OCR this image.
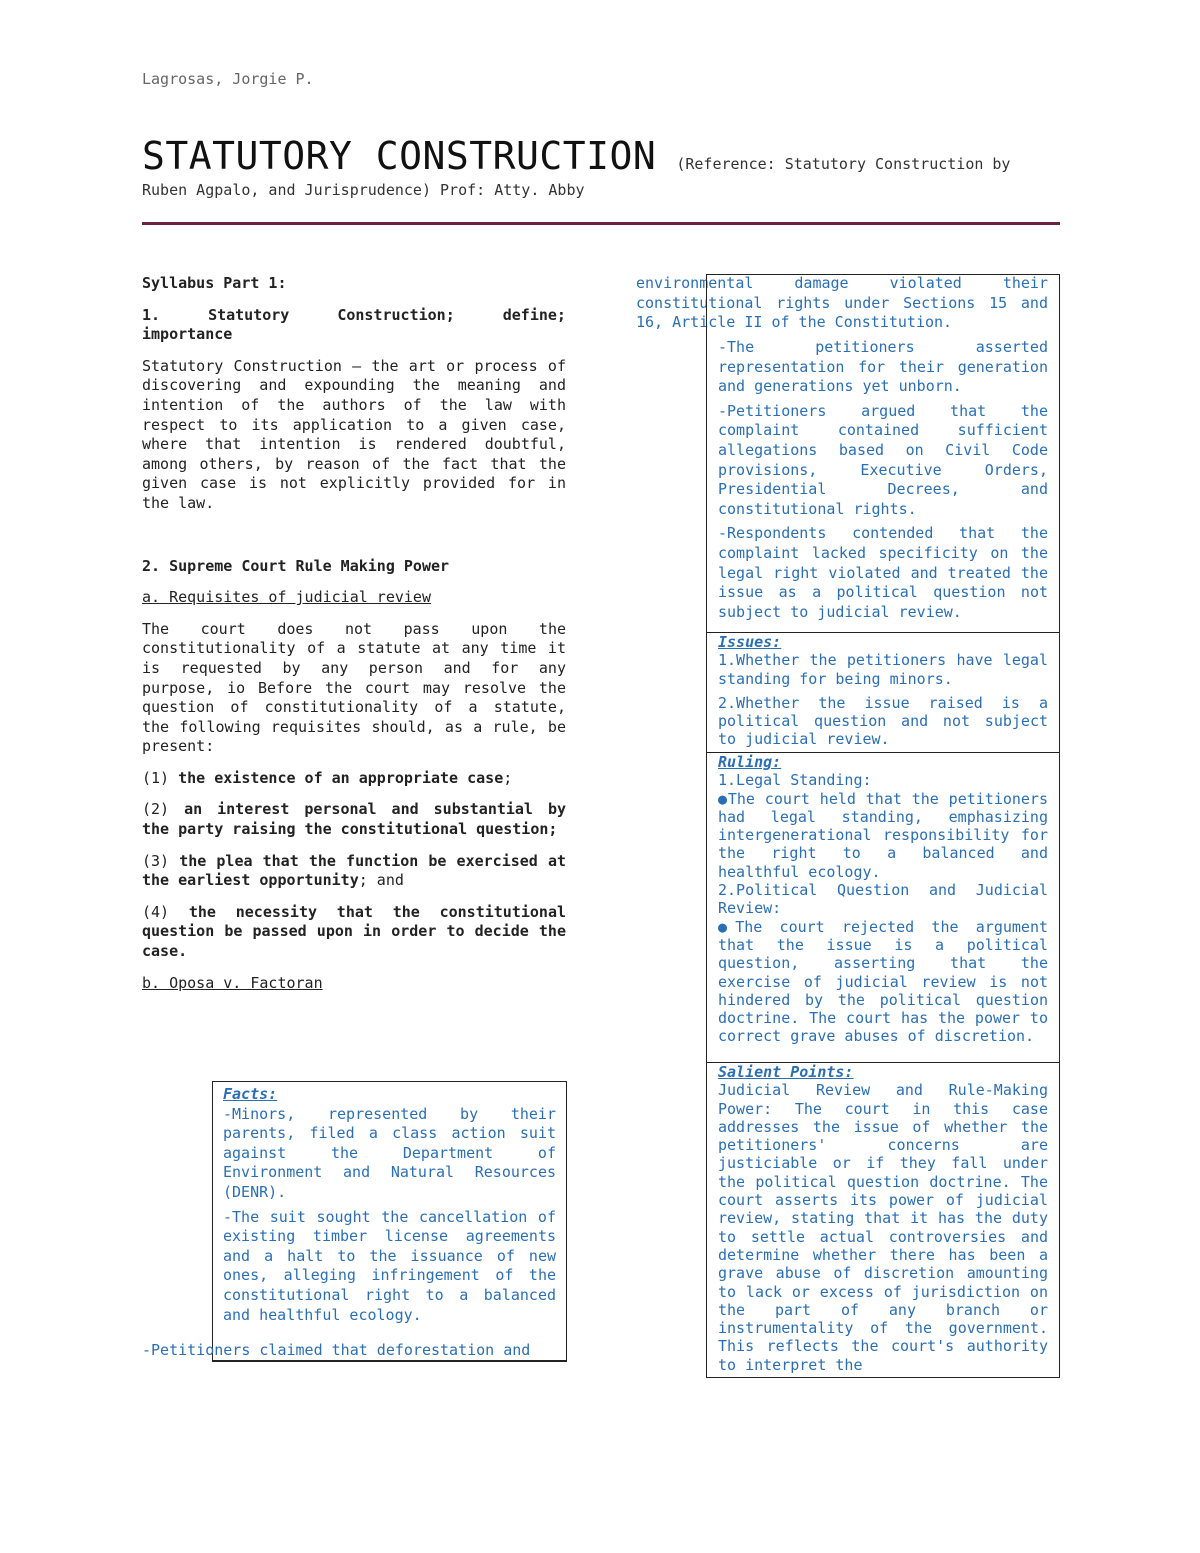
Lagrosas, Jorgie P.
STATUTORY CONSTRUCTION (Reference: Statutory Construction by
Ruben Agpalo, and Jurisprudence) Prof: Atty. Abby

Syllabus Part 1:

1.	Statutory	Construction;	define;
importance

Statutory Construction – the art or process of discovering and expounding the meaning and intention of the authors of the law with respect to its application to a given case, where that intention is rendered doubtful, among others, by reason of the fact that the given case is not explicitly provided for in the law.

2. Supreme Court Rule Making Power

a. Requisites of judicial review

The court does not pass upon the constitutionality of a statute at any time it is requested by any person and for any purpose, io Before the court may resolve the question of constitutionality of a statute, the following requisites should, as a rule, be present:

(1) the existence of an appropriate case;

(2) an interest personal and substantial by the party raising the constitutional question;

(3) the plea that the function be exercised at the earliest opportunity; and

(4) the necessity that the constitutional question be passed upon in order to decide the case.

b. Oposa v. Factoran

Facts:

-Minors, represented by their parents, filed a class action suit against the Department of Environment and Natural Resources (DENR).

-The suit sought the cancellation of existing timber license agreements and a halt to the issuance of new ones, alleging infringement of the constitutional right to a balanced and healthful ecology.

-Petitioners claimed that deforestation and
environmental damage violated their constitutional rights under Sections 15 and 16, Article II of the Constitution.

-The petitioners asserted representation for their generation and generations yet unborn.

-Petitioners argued that the complaint contained sufficient allegations based on Civil Code provisions, Executive Orders, Presidential Decrees, and constitutional rights.

-Respondents contended that the complaint lacked specificity on the legal right violated and treated the issue as a political question not subject to judicial review.

Issues:

1.Whether the petitioners have legal standing for being minors.

2.Whether the issue raised is a political question and not subject to judicial review.

Ruling:

1.Legal Standing:

●The court held that the petitioners had legal standing, emphasizing intergenerational responsibility for the right to a balanced and healthful ecology.

2.Political Question and Judicial Review:

●The court rejected the argument that the issue is a political question, asserting that the exercise of judicial review is not hindered by the political question doctrine. The court has the power to correct grave abuses of discretion.

Salient Points:

Judicial Review and Rule-Making Power: The court in this case addresses the issue of whether the petitioners' concerns are justiciable or if they fall under the political question doctrine. The court asserts its power of judicial review, stating that it has the duty to settle actual controversies and determine whether there has been a grave abuse of discretion amounting to lack or excess of jurisdiction on the part of any branch or instrumentality of the government. This reflects the court's authority to interpret the
